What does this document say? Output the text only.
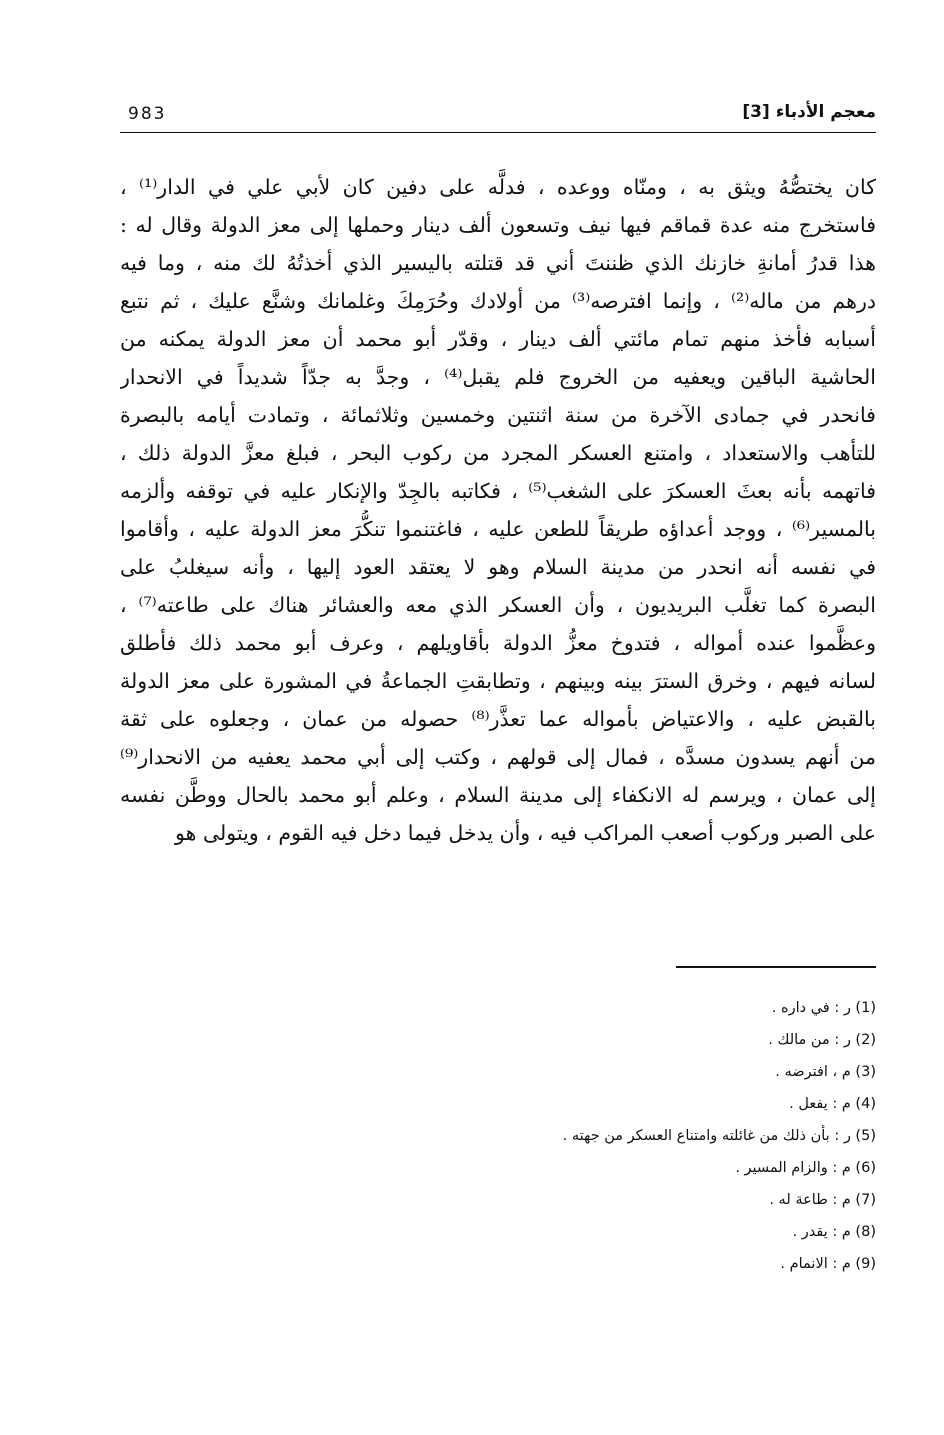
معجم الأدباء [3]
983
كان يختصُّهُ ويثق به ، ومنّاه ووعده ، فدلَّه على دفين كان لأبي علي في الدار⁽¹⁾ ،
فاستخرج منه عدة قماقم فيها نيف وتسعون ألف دينار وحملها إلى معز الدولة وقال له :
هذا قدرُ أمانةِ خازنك الذي ظننتَ أني قد قتلته باليسير الذي أخذتُهُ لك منه ، وما فيه
درهم من ماله⁽²⁾ ، وإنما افترصه⁽³⁾ من أولادك وحُرَمِكَ وغلمانك وشنَّع عليك ، ثم نتبع
أسبابه فأخذ منهم تمام مائتي ألف دينار ، وقدّر أبو محمد أن معز الدولة يمكنه من
الحاشية الباقين ويعفيه من الخروج فلم يقبل⁽⁴⁾ ، وجدَّ به جدّاً شديداً في الانحدار
فانحدر في جمادى الآخرة من سنة اثنتين وخمسين وثلاثمائة ، وتمادت أيامه بالبصرة
للتأهب والاستعداد ، وامتنع العسكر المجرد من ركوب البحر ، فبلغ معزَّ الدولة ذلك ،
فاتهمه بأنه بعثَ العسكرَ على الشغب⁽⁵⁾ ، فكاتبه بالجِدّ والإنكار عليه في توقفه وألزمه
بالمسير⁽⁶⁾ ، ووجد أعداؤه طريقاً للطعن عليه ، فاغتنموا تنكُّرَ معز الدولة عليه ، وأقاموا
في نفسه أنه انحدر من مدينة السلام وهو لا يعتقد العود إليها ، وأنه سيغلبُ على
البصرة كما تغلَّب البريديون ، وأن العسكر الذي معه والعشائر هناك على طاعته⁽⁷⁾ ،
وعظَّموا عنده أمواله ، فتدوخ معزُّ الدولة بأقاويلهم ، وعرف أبو محمد ذلك فأطلق
لسانه فيهم ، وخرق السترَ بينه وبينهم ، وتطابقتِ الجماعةُ في المشورة على معز الدولة
بالقبض عليه ، والاعتياض بأمواله عما تعذَّر⁽⁸⁾ حصوله من عمان ، وجعلوه على ثقة
من أنهم يسدون مسدَّه ، فمال إلى قولهم ، وكتب إلى أبي محمد يعفيه من الانحدار⁽⁹⁾
إلى عمان ، ويرسم له الانكفاء إلى مدينة السلام ، وعلم أبو محمد بالحال ووطَّن نفسه
على الصبر وركوب أصعب المراكب فيه ، وأن يدخل فيما دخل فيه القوم ، ويتولى هو
(1) ر : في داره .
(2) ر : من مالك .
(3) م ، افترضه .
(4) م : يفعل .
(5) ر : بأن ذلك من غائلته وامتناع العسكر من جهته .
(6) م : والزام المسير .
(7) م : طاعة له .
(8) م : يقدر .
(9) م : الانمام .
